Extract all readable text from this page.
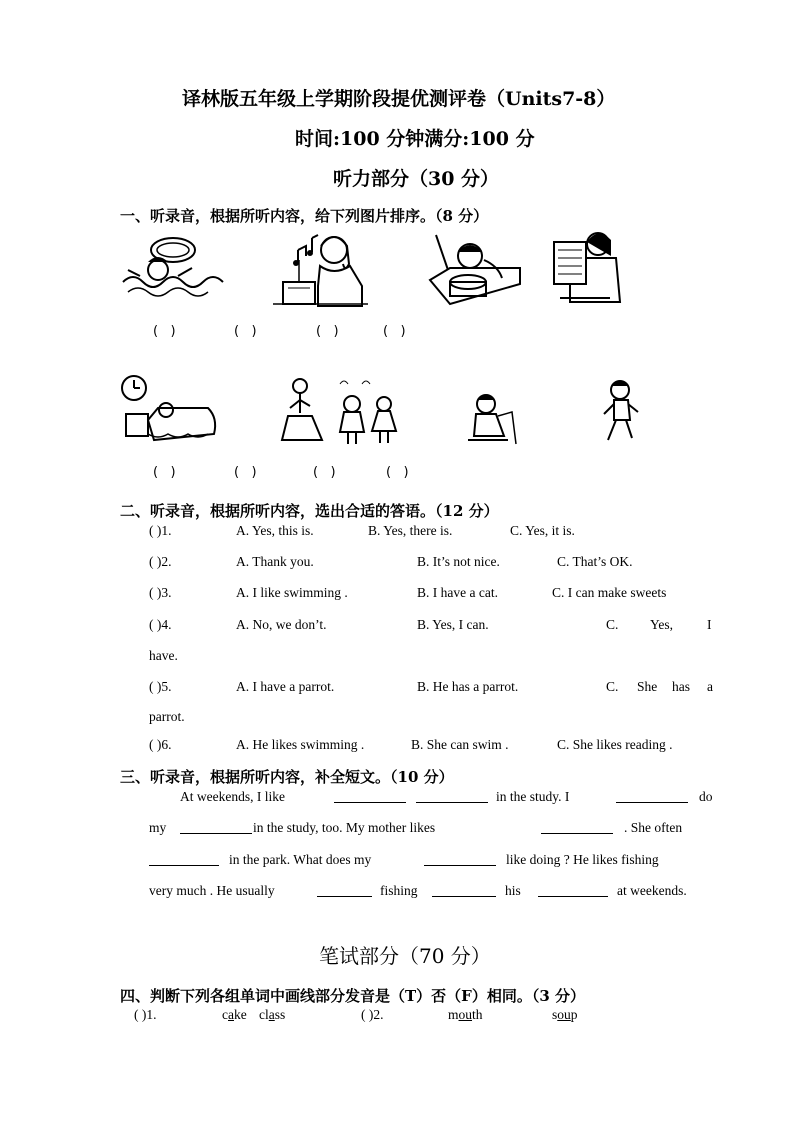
译林版五年级上学期阶段提优测评卷（Units7-8）
时间:100 分钟满分:100 分
听力部分（30 分）
一、听录音，根据所听内容，给下列图片排序。（8 分）
(   )	(   )	(   )	(   )
(   )	(   )	(   )	(   )
二、听录音，根据所听内容，选出合适的答语。（12 分）
( )1.	A. Yes, this is.	B. Yes, there is.	C. Yes, it is.
( )2.	A. Thank you.	B. It’s not nice.	C. That’s OK.
( )3.	A. I like swimming .	B. I have a cat.	C. I can make sweets
( )4.	A. No, we don’t.	B. Yes, I can.	C. Yes,	I
have.
( )5.	A. I have a parrot.	B. He has a parrot.	C. She has a
parrot.
( )6.	A. He likes swimming .	B. She can swim .	C. She likes reading .
三、听录音，根据所听内容，补全短文。（10 分）
At weekends, I like	in the study. I	do
my	in the study, too. My mother likes	. She often
in the park. What does my	like doing ? He likes fishing
very much . He usually	fishing	his	at weekends.
笔试部分（70 分）
四、判断下列各组单词中画线部分发音是（T）否（F）相同。（3 分）
( )1.	cake class	( )2.	mouth	soup
